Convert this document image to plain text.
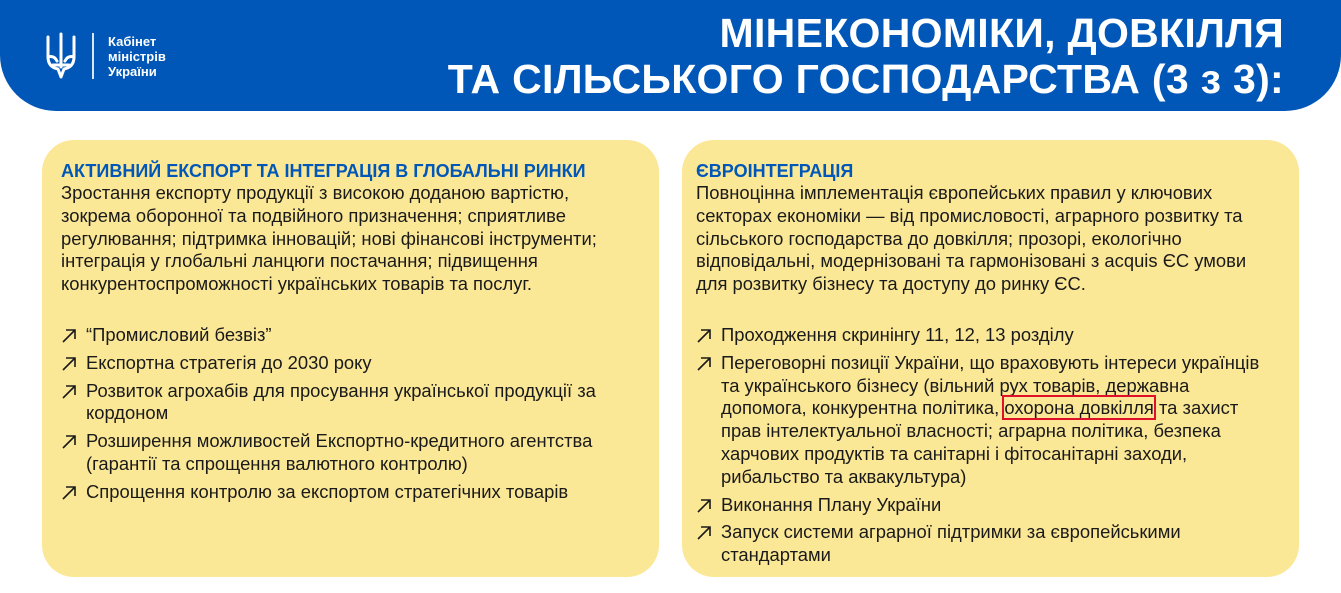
Кабінет
міністрів
України
МІНЕКОНОМІКИ, ДОВКІЛЛЯ
ТА СІЛЬСЬКОГО ГОСПОДАРСТВА (3 з 3):
АКТИВНИЙ ЕКСПОРТ ТА ІНТЕГРАЦІЯ В ГЛОБАЛЬНІ РИНКИ
Зростання експорту продукції з високою доданою вартістю, зокрема оборонної та подвійного призначення; сприятливе регулювання; підтримка інновацій; нові фінансові інструменти; інтеграція у глобальні ланцюги постачання; підвищення конкурентоспроможності українських товарів та послуг.
“Промисловий безвіз”
Експортна стратегія до 2030 року
Розвиток агрохабів для просування української продукції за кордоном
Розширення можливостей Експортно-кредитного агентства (гарантії та спрощення валютного контролю)
Спрощення контролю за експортом стратегічних товарів
ЄВРОІНТЕГРАЦІЯ
Повноцінна імплементація європейських правил у ключових секторах економіки — від промисловості, аграрного розвитку та сільського господарства до довкілля; прозорі, екологічно відповідальні, модернізовані та гармонізовані з acquis ЄС умови для розвитку бізнесу та доступу до ринку ЄС.
Проходження скринінгу 11, 12, 13 розділу
Переговорні позиції України, що враховують інтереси українців та українського бізнесу (вільний рух товарів, державна допомога, конкурентна політика, охорона довкілля та захист прав інтелектуальної власності; аграрна політика, безпека харчових продуктів та санітарні і фітосанітарні заходи, рибальство та аквакультура)
Виконання Плану України
Запуск системи аграрної підтримки за європейськими стандартами
